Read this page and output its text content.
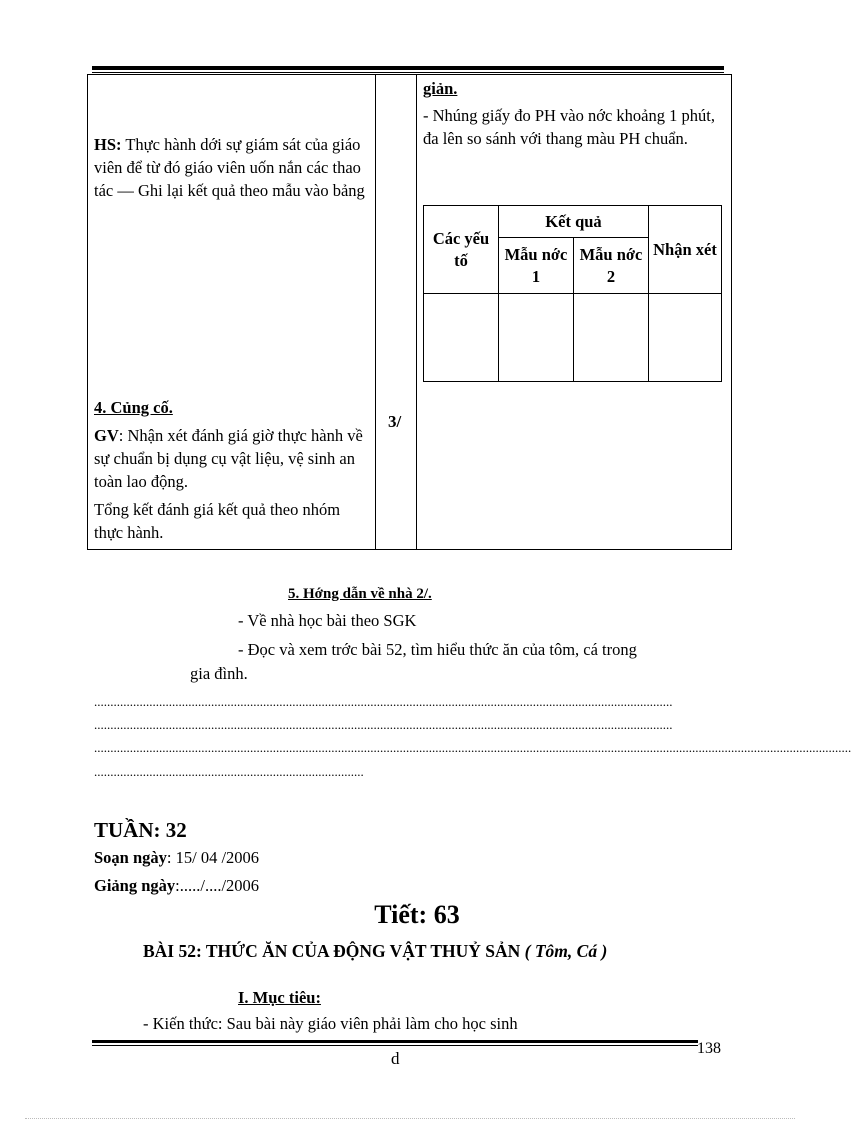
giản.
- Nhúng giấy đo PH vào nớc khoảng 1 phút, đa lên so sánh với thang màu PH chuẩn.
HS: Thực hành dới sự giám sát của giáo viên để từ đó giáo viên uốn nắn các thao tác — Ghi lại kết quả theo mẫu vào bảng
Các yếu tố	Kết quả		Nhận xét
	Mẫu nớc 1	Mẫu nớc 2	

4. Củng cố.
3/
GV: Nhận xét đánh giá giờ thực hành về sự chuẩn bị dụng cụ vật liệu, vệ sinh an toàn lao động.
Tổng kết đánh giá kết quả theo nhóm thực hành.
5. Hớng dẫn về nhà 2/.
- Về nhà học bài theo SGK
- Đọc và xem trớc bài 52, tìm hiểu thức ăn của tôm, cá trong
gia đình.
..................................................................................................................................................................................
..................................................................................................................................................................................
.........................................................................................................................................................................................................................................
...................................................................................
TUẦN: 32
Soạn ngày: 15/ 04 /2006
Giảng ngày:...../..../2006
Tiết: 63
BÀI 52: THỨC ĂN CỦA ĐỘNG VẬT THUỶ SẢN ( Tôm, Cá )
I. Mục tiêu:
- Kiến thức: Sau bài này giáo viên phải làm cho học sinh
138
d
